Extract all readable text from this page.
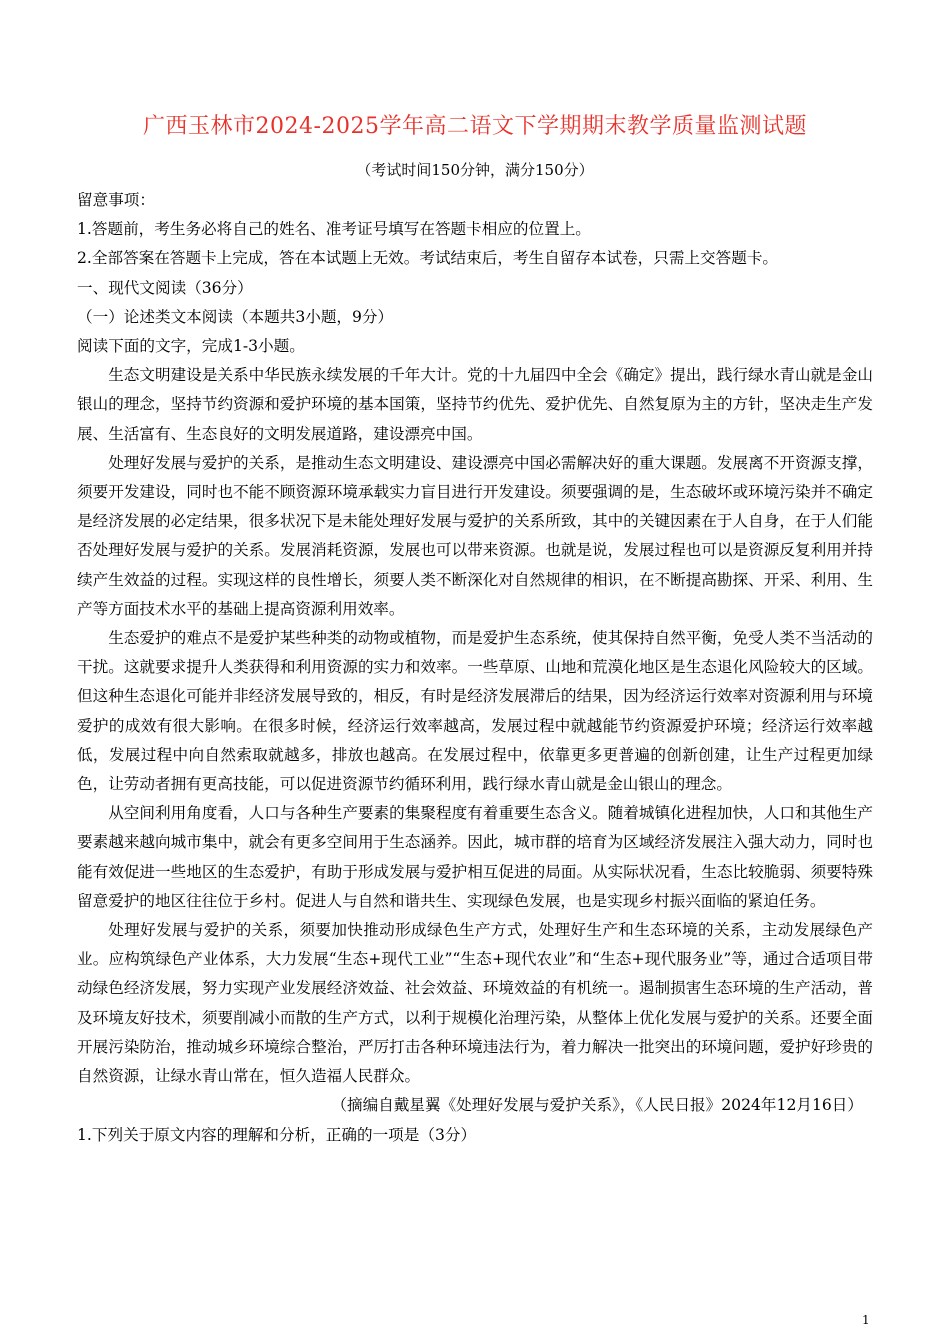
广西玉林市2024-2025学年高二语文下学期期末教学质量监测试题
（考试时间150分钟，满分150分）

留意事项：

1.答题前，考生务必将自己的姓名、准考证号填写在答题卡相应的位置上。

2.全部答案在答题卡上完成，答在本试题上无效。考试结束后，考生自留存本试卷，只需上交答题卡。

一、现代文阅读（36分）

（一）论述类文本阅读（本题共3小题，9分）

阅读下面的文字，完成1-3小题。

生态文明建设是关系中华民族永续发展的千年大计。党的十九届四中全会《确定》提出，践行绿水青山就是金山银山的理念，坚持节约资源和爱护环境的基本国策，坚持节约优先、爱护优先、自然复原为主的方针，坚决走生产发展、生活富有、生态良好的文明发展道路，建设漂亮中国。

处理好发展与爱护的关系，是推动生态文明建设、建设漂亮中国必需解决好的重大课题。发展离不开资源支撑，须要开发建设，同时也不能不顾资源环境承载实力盲目进行开发建设。须要强调的是，生态破坏或环境污染并不确定是经济发展的必定结果，很多状况下是未能处理好发展与爱护的关系所致，其中的关键因素在于人自身，在于人们能否处理好发展与爱护的关系。发展消耗资源，发展也可以带来资源。也就是说，发展过程也可以是资源反复利用并持续产生效益的过程。实现这样的良性增长，须要人类不断深化对自然规律的相识，在不断提高勘探、开采、利用、生产等方面技术水平的基础上提高资源利用效率。

生态爱护的难点不是爱护某些种类的动物或植物，而是爱护生态系统，使其保持自然平衡，免受人类不当活动的干扰。这就要求提升人类获得和利用资源的实力和效率。一些草原、山地和荒漠化地区是生态退化风险较大的区域。但这种生态退化可能并非经济发展导致的，相反，有时是经济发展滞后的结果，因为经济运行效率对资源利用与环境爱护的成效有很大影响。在很多时候，经济运行效率越高，发展过程中就越能节约资源爱护环境；经济运行效率越低，发展过程中向自然索取就越多，排放也越高。在发展过程中，依靠更多更普遍的创新创建，让生产过程更加绿色，让劳动者拥有更高技能，可以促进资源节约循环利用，践行绿水青山就是金山银山的理念。

从空间利用角度看，人口与各种生产要素的集聚程度有着重要生态含义。随着城镇化进程加快，人口和其他生产要素越来越向城市集中，就会有更多空间用于生态涵养。因此，城市群的培育为区域经济发展注入强大动力，同时也能有效促进一些地区的生态爱护，有助于形成发展与爱护相互促进的局面。从实际状况看，生态比较脆弱、须要特殊留意爱护的地区往往位于乡村。促进人与自然和谐共生、实现绿色发展，也是实现乡村振兴面临的紧迫任务。

处理好发展与爱护的关系，须要加快推动形成绿色生产方式，处理好生产和生态环境的关系，主动发展绿色产业。应构筑绿色产业体系，大力发展“生态+现代工业”“生态+现代农业”和“生态+现代服务业”等，通过合适项目带动绿色经济发展，努力实现产业发展经济效益、社会效益、环境效益的有机统一。遏制损害生态环境的生产活动，普及环境友好技术，须要削减小而散的生产方式，以利于规模化治理污染，从整体上优化发展与爱护的关系。还要全面开展污染防治，推动城乡环境综合整治，严厉打击各种环境违法行为，着力解决一批突出的环境问题，爱护好珍贵的自然资源，让绿水青山常在，恒久造福人民群众。

（摘编自戴星翼《处理好发展与爱护关系》，《人民日报》2024年12月16日）

1.下列关于原文内容的理解和分析，正确的一项是（3分）

1
